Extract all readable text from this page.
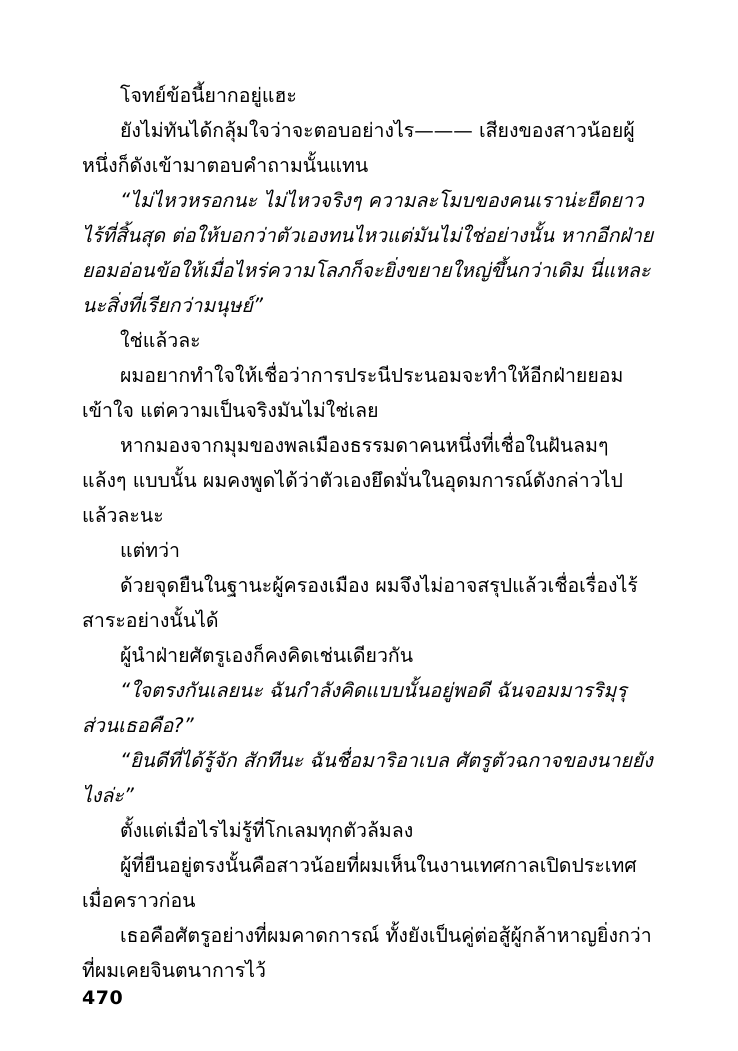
โจทย์ข้อนี้ยากอยู่แฮะ

ยังไม่ทันได้กลุ้มใจว่าจะตอบอย่างไร——— เสียงของสาวน้อยผู้หนึ่งก็ดังเข้ามาตอบคำถามนั้นแทน

“ไม่ไหวหรอกนะ ไม่ไหวจริงๆ ความละโมบของคนเราน่ะยืดยาวไร้ที่สิ้นสุด ต่อให้บอกว่าตัวเองทนไหวแต่มันไม่ใช่อย่างนั้น หากอีกฝ่ายยอมอ่อนข้อให้เมื่อไหร่ความโลภก็จะยิ่งขยายใหญ่ขึ้นกว่าเดิม นี่แหละนะสิ่งที่เรียกว่ามนุษย์”

ใช่แล้วละ

ผมอยากทำใจให้เชื่อว่าการประนีประนอมจะทำให้อีกฝ่ายยอมเข้าใจ แต่ความเป็นจริงมันไม่ใช่เลย

หากมองจากมุมของพลเมืองธรรมดาคนหนึ่งที่เชื่อในฝันลมๆ แล้งๆ แบบนั้น ผมคงพูดได้ว่าตัวเองยึดมั่นในอุดมการณ์ดังกล่าวไปแล้วละนะ

แต่ทว่า

ด้วยจุดยืนในฐานะผู้ครองเมือง ผมจึงไม่อาจสรุปแล้วเชื่อเรื่องไร้สาระอย่างนั้นได้

ผู้นำฝ่ายศัตรูเองก็คงคิดเช่นเดียวกัน

“ใจตรงกันเลยนะ ฉันกำลังคิดแบบนั้นอยู่พอดี ฉันจอมมารริมุรุ ส่วนเธอคือ?”

“ยินดีที่ได้รู้จัก สักทีนะ ฉันชื่อมาริอาเบล ศัตรูตัวฉกาจของนายยังไงล่ะ”

ตั้งแต่เมื่อไรไม่รู้ที่โกเลมทุกตัวล้มลง

ผู้ที่ยืนอยู่ตรงนั้นคือสาวน้อยที่ผมเห็นในงานเทศกาลเปิดประเทศเมื่อคราวก่อน

เธอคือศัตรูอย่างที่ผมคาดการณ์ ทั้งยังเป็นคู่ต่อสู้ผู้กล้าหาญยิ่งกว่าที่ผมเคยจินตนาการไว้

470
